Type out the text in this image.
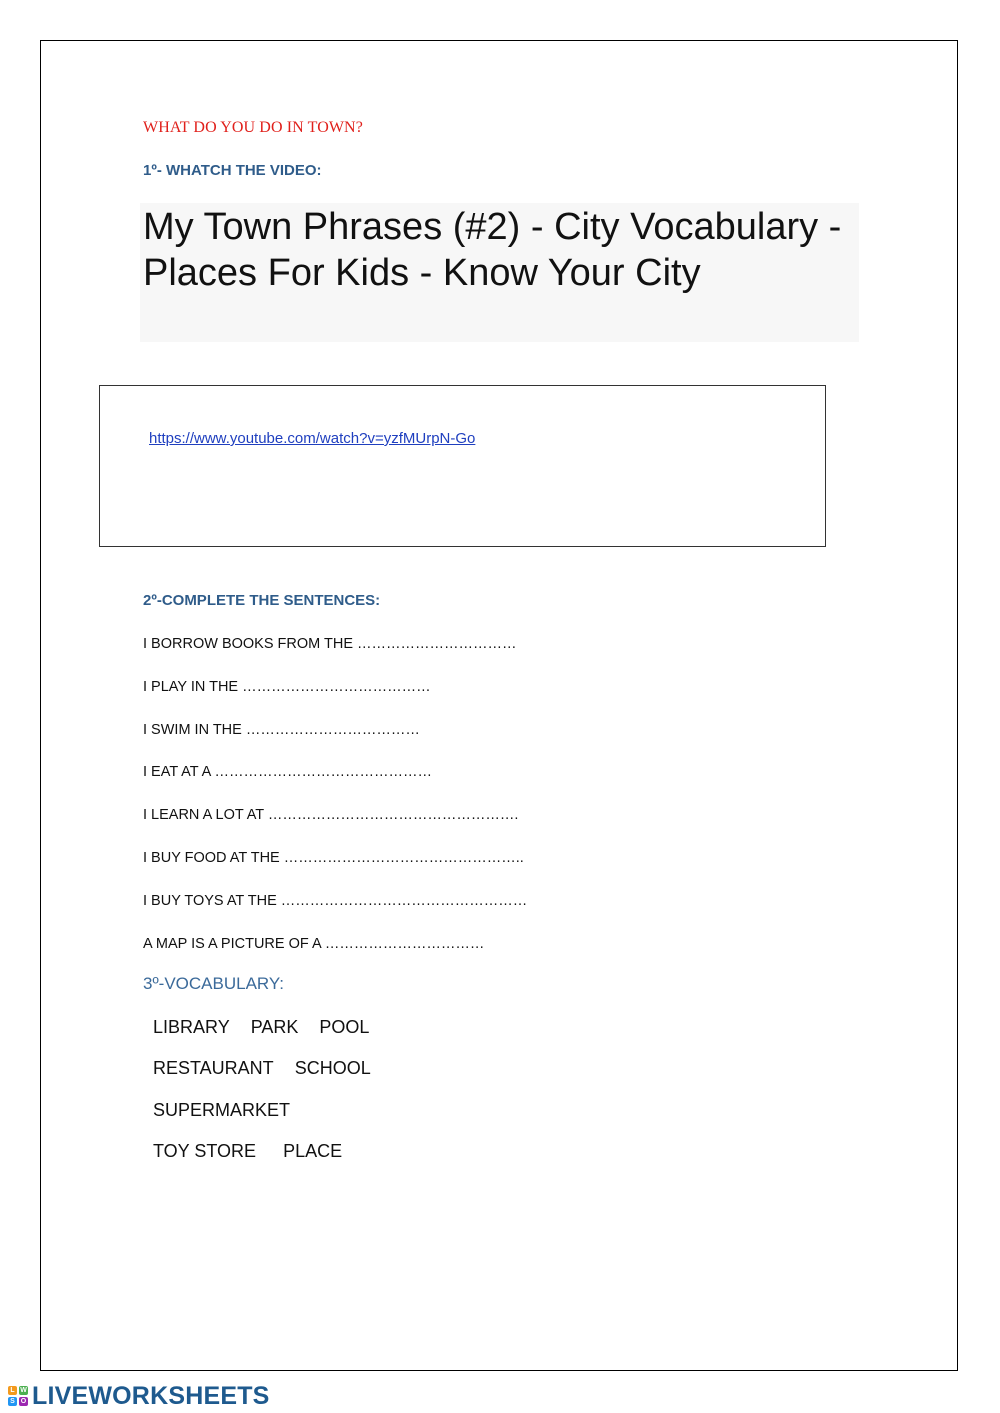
WHAT DO YOU DO IN TOWN?
1º- WHATCH THE VIDEO:
My Town Phrases (#2) - City Vocabulary - Places For Kids - Know Your City
https://www.youtube.com/watch?v=yzfMUrpN-Go
2º-COMPLETE THE SENTENCES:
I BORROW BOOKS FROM THE ……………………………
I PLAY IN THE …………………………………
I SWIM IN THE ………………………………
I EAT AT A ………………………………………
I LEARN A LOT AT …………………………………………….
I BUY FOOD AT THE …………………………………………..
I BUY TOYS AT THE ……………………………………………
A MAP IS A PICTURE OF A ……………………………
3º-VOCABULARY:
LIBRARY PARK POOL
RESTAURANT SCHOOL
SUPERMARKET
TOY STORE PLACE
L W
S O LIVEWORKSHEETS
